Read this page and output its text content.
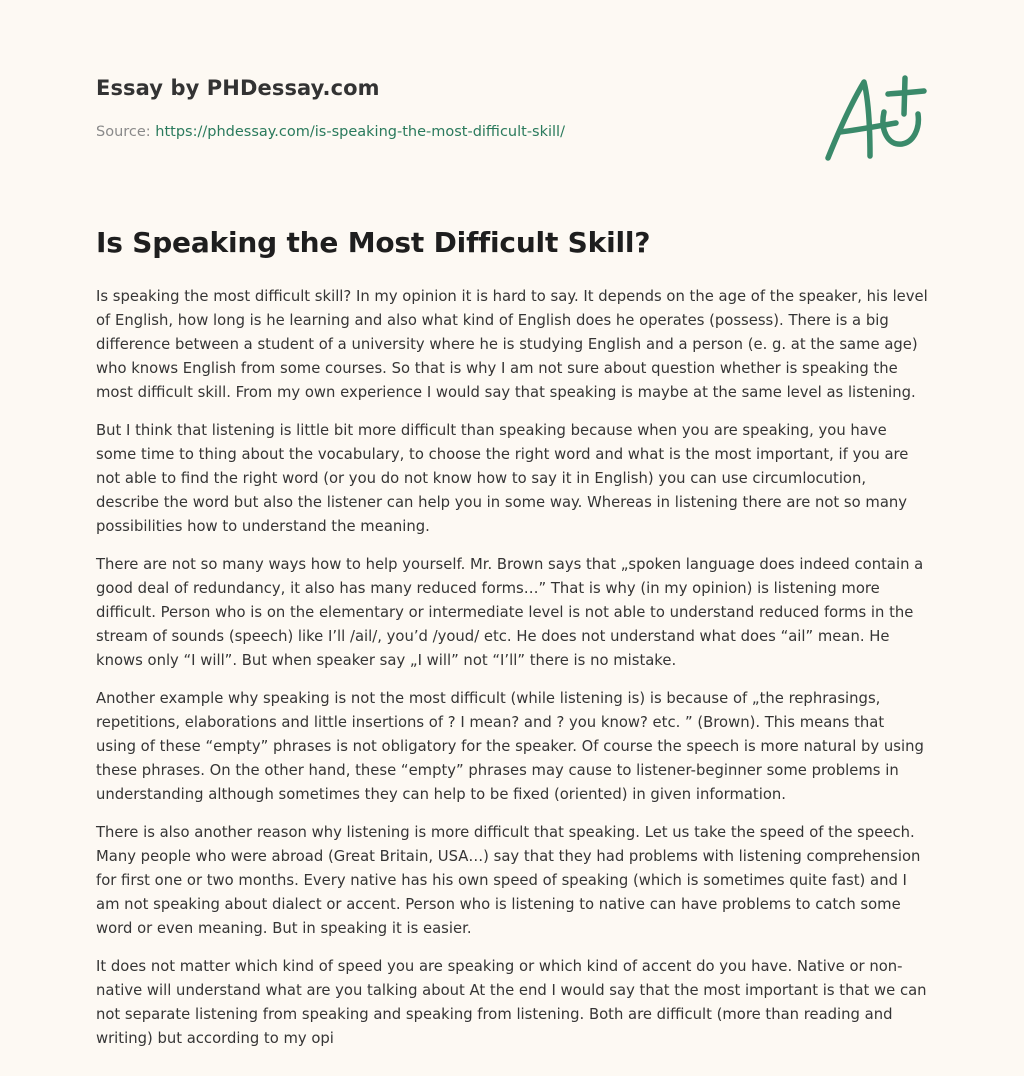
Essay by PHDessay.com
Source: https://phdessay.com/is-speaking-the-most-difficult-skill/
Is Speaking the Most Difficult Skill?

Is speaking the most difficult skill? In my opinion it is hard to say. It depends on the age of the speaker, his level of English, how long is he learning and also what kind of English does he operates (possess). There is a big difference between a student of a university where he is studying English and a person (e. g. at the same age) who knows English from some courses. So that is why I am not sure about question whether is speaking the most difficult skill. From my own experience I would say that speaking is maybe at the same level as listening.

But I think that listening is little bit more difficult than speaking because when you are speaking, you have some time to thing about the vocabulary, to choose the right word and what is the most important, if you are not able to find the right word (or you do not know how to say it in English) you can use circumlocution, describe the word but also the listener can help you in some way. Whereas in listening there are not so many possibilities how to understand the meaning.

There are not so many ways how to help yourself. Mr. Brown says that „spoken language does indeed contain a good deal of redundancy, it also has many reduced forms…” That is why (in my opinion) is listening more difficult. Person who is on the elementary or intermediate level is not able to understand reduced forms in the stream of sounds (speech) like I’ll /ail/, you’d /youd/ etc. He does not understand what does “ail” mean. He knows only “I will”. But when speaker say „I will” not “I’ll” there is no mistake.

Another example why speaking is not the most difficult (while listening is) is because of „the rephrasings, repetitions, elaborations and little insertions of ? I mean? and ? you know? etc. ” (Brown). This means that using of these “empty” phrases is not obligatory for the speaker. Of course the speech is more natural by using these phrases. On the other hand, these “empty” phrases may cause to listener-beginner some problems in understanding although sometimes they can help to be fixed (oriented) in given information.

There is also another reason why listening is more difficult that speaking. Let us take the speed of the speech. Many people who were abroad (Great Britain, USA…) say that they had problems with listening comprehension for first one or two months. Every native has his own speed of speaking (which is sometimes quite fast) and I am not speaking about dialect or accent. Person who is listening to native can have problems to catch some word or even meaning. But in speaking it is easier.

It does not matter which kind of speed you are speaking or which kind of accent do you have. Native or non-native will understand what are you talking about At the end I would say that the most important is that we can not separate listening from speaking and speaking from listening. Both are difficult (more than reading and writing) but according to my opi
